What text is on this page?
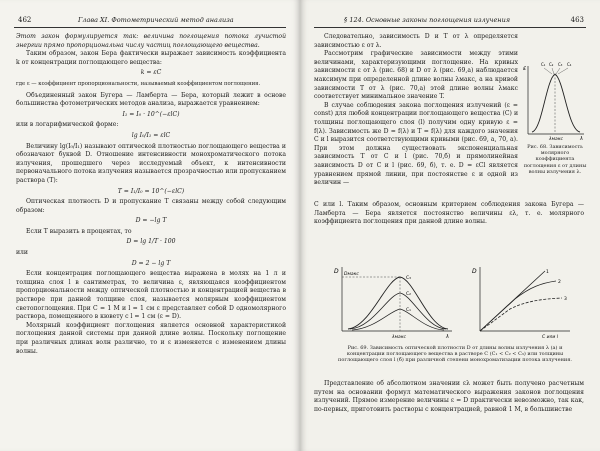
462	Глава XI. Фотометрический метод анализа

Этот закон формулируется так: величина поглощения потока лучистой энергии прямо пропорциональна числу частиц поглощающего вещества.

Таким образом, закон Бера фактически выражает зависимость коэффициента k от концентрации поглощающего вещества:

k = εC

где ε — коэффициент пропорциональности, называемый коэффициентом поглощения.

Объединенный закон Бугера — Ламберта — Бера, который лежит в основе большинства фотометрических методов анализа, выражается уравнением:

I₁ = I₀ · 10^(−εlC)

или в логарифмической форме:

lg I₀/I₁ = εlC

Величину lg(I₀/I₁) называют оптической плотностью поглощающего вещества и обозначают буквой D. Отношение интенсивности монохроматического потока излучения, прошедшего через исследуемый объект, к интенсивности первоначального потока излучения называется прозрачностью или пропусканием раствора (T):

T = I₁/I₀ = 10^(−εlC)

Оптическая плотность D и пропускание T связаны между собой следующим образом:

D = −lg T

Если T выразить в процентах, то

D = lg 1/T · 100

или

D = 2 − lg T

Если концентрация поглощающего вещества выражена в молях на 1 л и толщина слоя l в сантиметрах, то величина ε, являющаяся коэффициентом пропорциональности между оптической плотностью и концентрацией вещества в растворе при данной толщине слоя, называется молярным коэффициентом светопоглощения. При C = 1 M и l = 1 см ε представляет собой D одномолярного раствора, помещенного в кювету с l = 1 см (ε = D).

Молярный коэффициент поглощения является основной характеристикой поглощения данной системы при данной длине волны. Поскольку поглощение при различных длинах волн различно, то и ε изменяется с изменением длины волны.

§ 124. Основные законы поглощения излучения	463

Следовательно, зависимость D и T от λ определяется зависимостью ε от λ.

Рассмотрим графические зависимости между этими величинами, характеризующими поглощение. На кривых зависимости ε от λ (рис. 68) и D от λ (рис. 69,а) наблюдается максимум при определенной длине волны λмакс, а на кривой зависимости T от λ (рис. 70,а) этой длине волны λмакс соответствует минимальное значение T.

В случае соблюдения закона поглощения излучений (ε = const) для любой концентрации поглощающего вещества (C) и толщины поглощающего слоя (l) получим одну кривую ε = f(λ). Зависимость же D = f(λ) и T = f(λ) для каждого значения C и l выразится соответствующими кривыми (рис. 69, а, 70, а). При этом должна существовать экспоненциальная зависимость T от C и l (рис. 70,б) и прямолинейная зависимость D от C и l (рис. 69, б), т. е. D = εCl является уравнением прямой линии, при постоянстве ε и одной из величин —

ε
C₁ C₂ C₃ C₄
λмакс	λ
Рис. 68. Зависимость молярного коэффициента поглощения ε от длины волны излучения λ.

C или l. Таким образом, основным критерием соблюдения закона Бугера — Ламберта — Бера является постоянство величины ελ, т. е. молярного коэффициента поглощения при данной длине волны.

D Dмакс
C₃
C₂
C₁
λмакс	λ
D	1
2
3
C или l
Рис. 69. Зависимость оптической плотности D от длины волны излучения λ (а) и концентрации поглощающего вещества в растворе C (C₁ < C₂ < C₃) или толщины поглощающего слоя l (б) при различной степени монохроматизации потока излучения.

Представление об абсолютном значении ελ может быть получено расчетным путем на основании формул математического выражения законов поглощения излучений. Прямое измерение величины ε = D практически невозможно, так как, по-первых, приготовить растворы с концентрацией, равной 1 M, в большинстве
